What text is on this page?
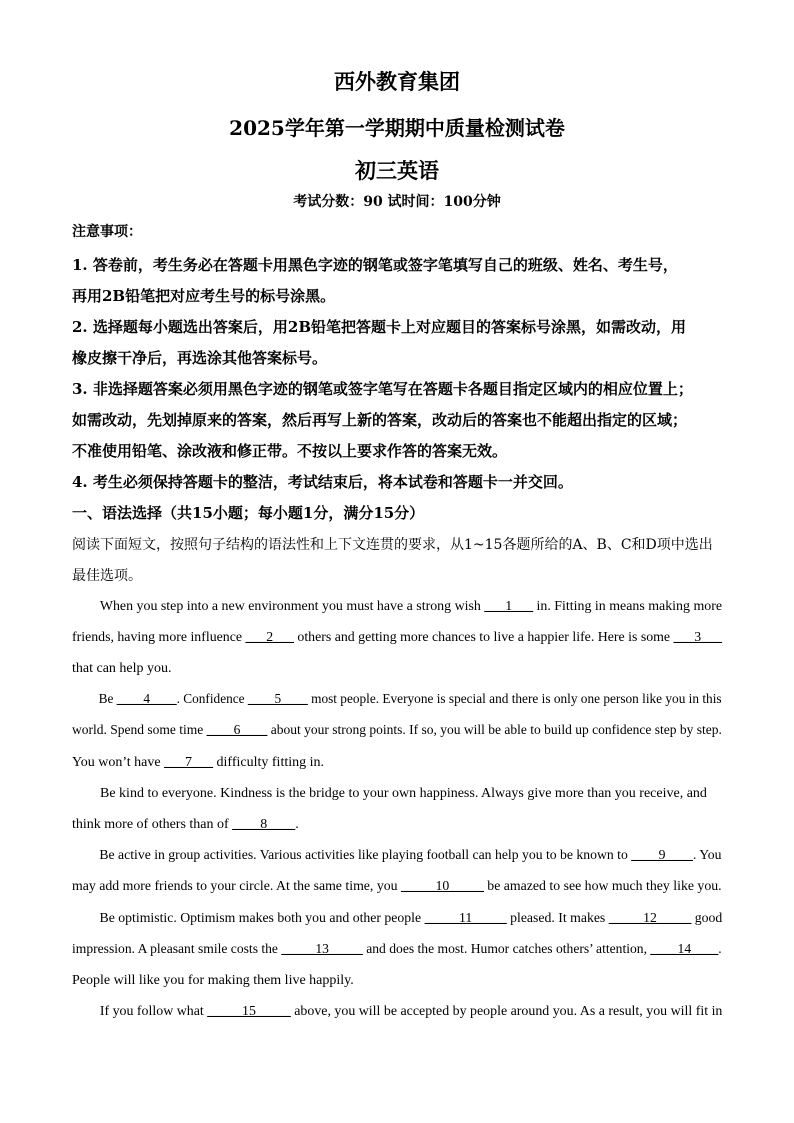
西外教育集团
2025学年第一学期期中质量检测试卷
初三英语
考试分数：90 试时间：100分钟
注意事项：
1. 答卷前，考生务必在答题卡用黑色字迹的钢笔或签字笔填写自己的班级、姓名、考生号，
再用2B铅笔把对应考生号的标号涂黑。
2. 选择题每小题选出答案后，用2B铅笔把答题卡上对应题目的答案标号涂黑，如需改动，用
橡皮擦干净后，再选涂其他答案标号。
3. 非选择题答案必须用黑色字迹的钢笔或签字笔写在答题卡各题目指定区域内的相应位置上；
如需改动，先划掉原来的答案，然后再写上新的答案，改动后的答案也不能超出指定的区域；
不准使用铅笔、涂改液和修正带。不按以上要求作答的答案无效。
4. 考生必须保持答题卡的整洁，考试结束后，将本试卷和答题卡一并交回。
一、语法选择（共15小题；每小题1分，满分15分）
阅读下面短文，按照句子结构的语法性和上下文连贯的要求，从1~15各题所给的A、B、C和D项中选出
最佳选项。
When you step into a new environment you must have a strong wish ___1___ in. Fitting in means making more
friends, having more influence ___2___ others and getting more chances to live a happier life. Here is some ___3___
that can help you.
Be ____4____. Confidence ____5____ most people. Everyone is special and there is only one person like you in this
world. Spend some time ____6____ about your strong points. If so, you will be able to build up confidence step by step.
You won’t have ___7___ difficulty fitting in.
Be kind to everyone. Kindness is the bridge to your own happiness. Always give more than you receive, and
think more of others than of ____8____.
Be active in group activities. Various activities like playing football can help you to be known to ____9____. You
may add more friends to your circle. At the same time, you _____10_____ be amazed to see how much they like you.
Be optimistic. Optimism makes both you and other people _____11_____ pleased. It makes _____12_____ good
impression. A pleasant smile costs the _____13_____ and does the most. Humor catches others’ attention, ____14____.
People will like you for making them live happily.
If you follow what _____15_____ above, you will be accepted by people around you. As a result, you will fit in
